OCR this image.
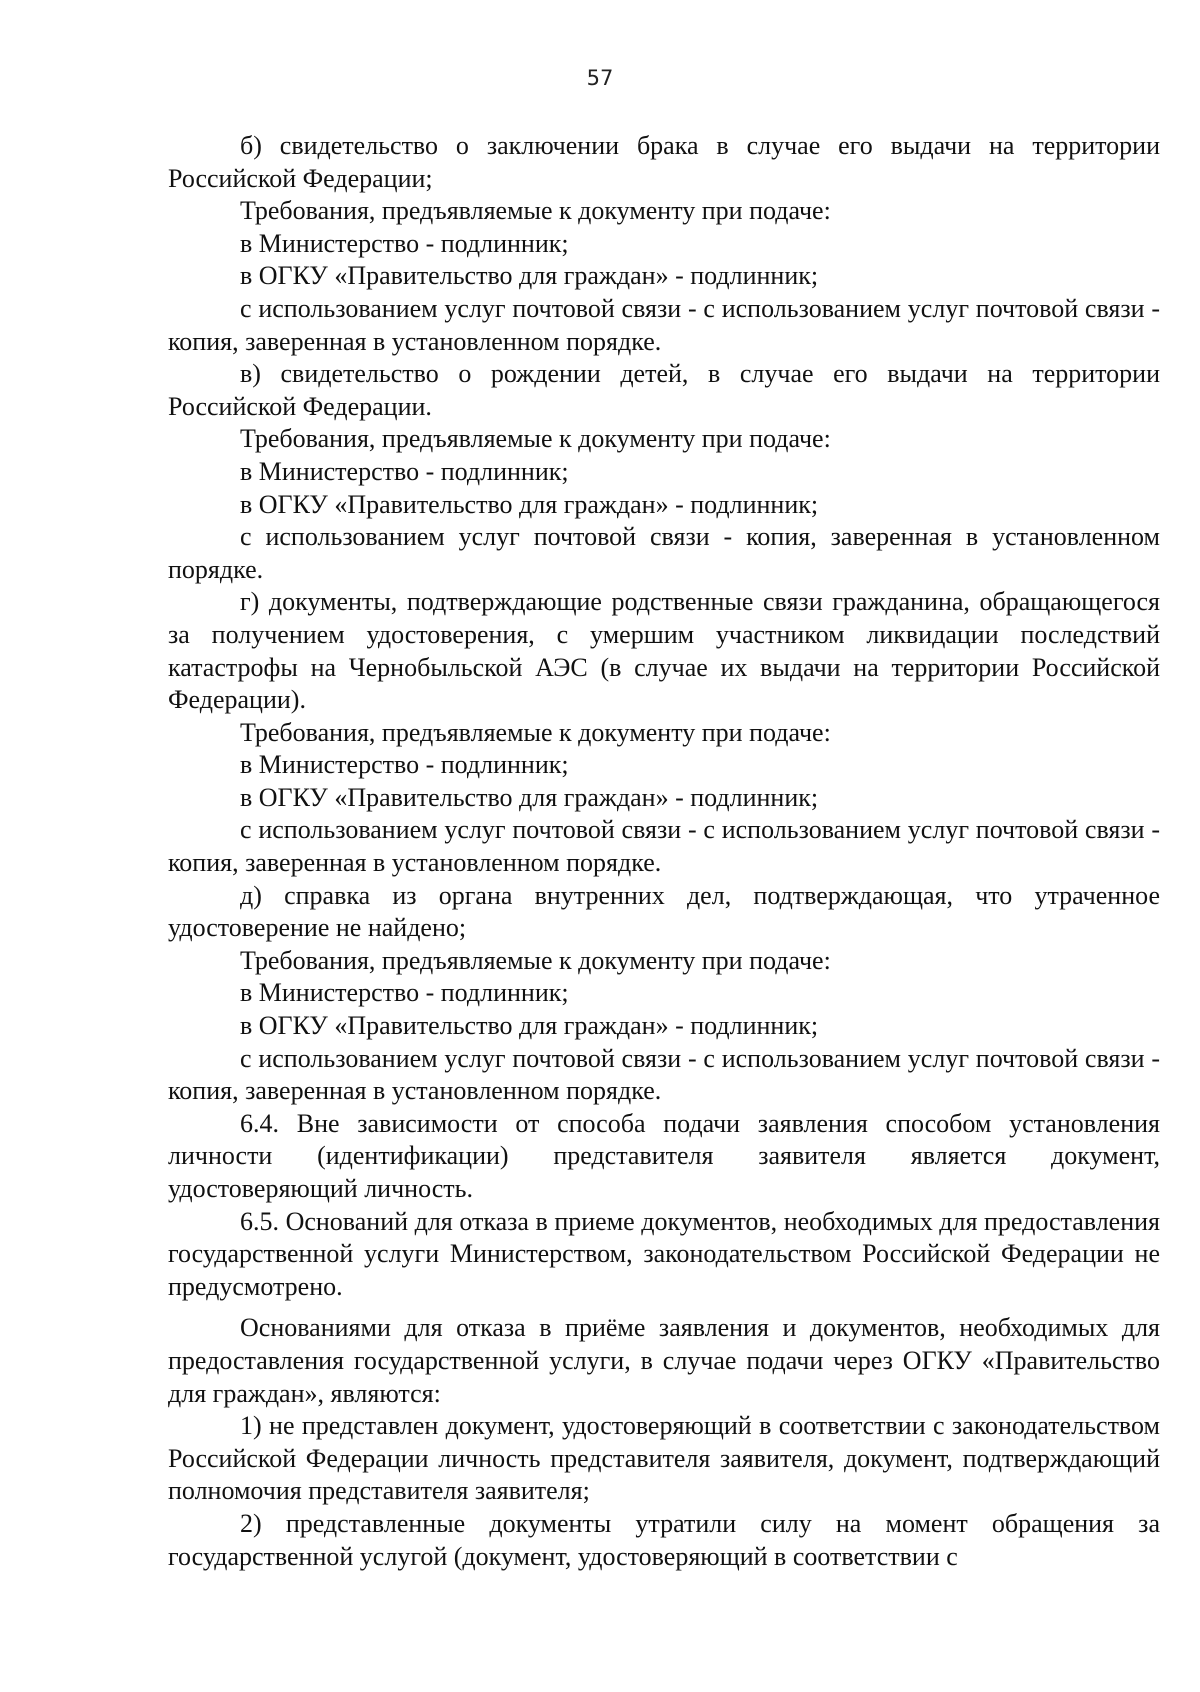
57

б) свидетельство о заключении брака в случае его выдачи на территории Российской Федерации;

Требования, предъявляемые к документу при подаче:

в Министерство - подлинник;

в ОГКУ «Правительство для граждан» - подлинник;

с использованием услуг почтовой связи - с использованием услуг почтовой связи - копия, заверенная в установленном порядке.

в) свидетельство о рождении детей, в случае его выдачи на территории Российской Федерации.

Требования, предъявляемые к документу при подаче:

в Министерство - подлинник;

в ОГКУ «Правительство для граждан» - подлинник;

с использованием услуг почтовой связи - копия, заверенная в установленном порядке.

г) документы, подтверждающие родственные связи гражданина, обращающегося за получением удостоверения, с умершим участником ликвидации последствий катастрофы на Чернобыльской АЭС (в случае их выдачи на территории Российской Федерации).

Требования, предъявляемые к документу при подаче:

в Министерство - подлинник;

в ОГКУ «Правительство для граждан» - подлинник;

с использованием услуг почтовой связи - с использованием услуг почтовой связи - копия, заверенная в установленном порядке.

д) справка из органа внутренних дел, подтверждающая, что утраченное удостоверение не найдено;

Требования, предъявляемые к документу при подаче:

в Министерство - подлинник;

в ОГКУ «Правительство для граждан» - подлинник;

с использованием услуг почтовой связи - с использованием услуг почтовой связи - копия, заверенная в установленном порядке.

6.4. Вне зависимости от способа подачи заявления способом установления личности (идентификации) представителя заявителя является документ, удостоверяющий личность.

6.5. Оснований для отказа в приеме документов, необходимых для предоставления государственной услуги Министерством, законодательством Российской Федерации не предусмотрено.

Основаниями для отказа в приёме заявления и документов, необходимых для предоставления государственной услуги, в случае подачи через ОГКУ «Правительство для граждан», являются:

1) не представлен документ, удостоверяющий в соответствии с законодательством Российской Федерации личность представителя заявителя, документ, подтверждающий полномочия представителя заявителя;

2) представленные документы утратили силу на момент обращения за государственной услугой (документ, удостоверяющий в соответствии с
